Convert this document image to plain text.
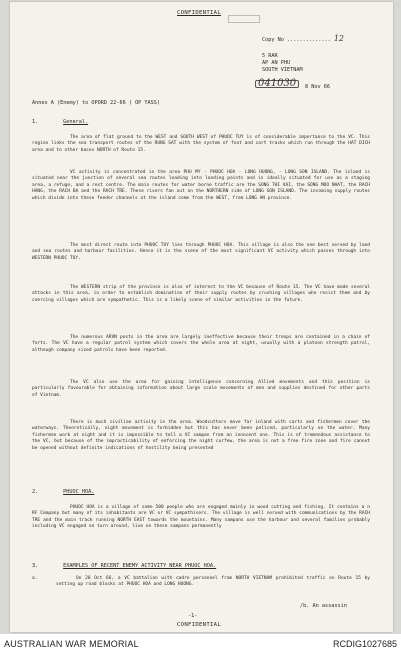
CONFIDENTIAL
Copy No .............. 12
5 RAR
AP AN PHU
SOUTH VIETNAM
041030	8 Nov 66
Annex A (Enemy) to OPORD 22-66 ( OP YASS)
1.	General.

The area of flat ground to the WEST and SOUTH WEST of PHUOC TUY is of considerable importance to the VC. This region links the sea transport routes of the RUNG SAT with the system of foot and cart tracks which run through the HAT DICH area and to other bases NORTH of Route 15.

VC activity is concentrated in the area PHU MY - PHUOC HOA - LONG HUONG, - LONG SON ISLAND. The island is situated near the junction of several sea routes leading into landing points and is ideally situated for use as a staging area, a refuge, and a rest centre. The main routes for water borne traffic are the SONG THI VAI, the SONG MOO NHAT, the RACH HANG, the RACH BA and the RACH TRE. These rivers fan out on the NORTHERN side of LONG SON ISLAND. The incoming supply routes which divide into these feeder channels at the island come from the WEST, from LONG AN province.

The most direct route into PHUOC TUY lies through PHUOC HOA. This village is also the one best served by land and sea routes and harbour facilities. Hence it is the scene of the most significant VC activity which passes through into WESTERN PHUOC TUY.

The WESTERN strip of the province is also of interest to the VC because of Route 15. The VC have made several attacks in this area, in order to establish domination of their supply routes by crushing villages who resist them and by coercing villages which are sympathetic. This is a likely scene of similar activities in the future.

The numerous ARVN posts in the area are largely ineffective because their troops are contained in a chain of forts. The VC have a regular patrol system which covers the whole area at night, usually with a platoon strength patrol, although company sized patrols have been reported.

The VC also use the area for gaining intelligence concerning Allied movements and this position is particularly favourable for obtaining information about large scale movements of men and supplies destined for other parts of Vietnam.

There is much civilian activity in the area. Woodcutters move far inland with carts and fishermen cover the waterways. Theoretically, night movement is forbidden but this has never been policed, particularly on the water. Many fishermen work at night and it is impossible to tell a VC sampan from an innocent one. This is of tremendous assistance to the VC, but because of the impracticability of enforcing the night curfew, the area is not a free fire zone and fire cannot be opened without definite indications of hostility being presented

2.	PHUOC HOA.

PHUOC HOA is a village of some 500 people who are engaged mainly in wood cutting and fishing. It contains a n RF Company but many of its inhabitants are VC or VC sympathisers. The village is well served with communications by the RACH TRE and the main track running NORTH EAST towards the mountains. Many sampans use the harbour and several families probably including VC engaged on turn around, live on these sampans permanently

3.	EXAMPLES OF RECENT ENEMY ACTIVITY NEAR PHUOC HOA.
a.	On 28 Oct 66, a VC battalion with cadre personnel from NORTH VIETNAM prohibited traffic on Route 15 by setting up road blocks at PHUOC HOA and LONG HUONG.

/b. An assassin
-1-
CONFIDENTIAL
AUSTRALIAN WAR MEMORIAL	RCDIG1027685
